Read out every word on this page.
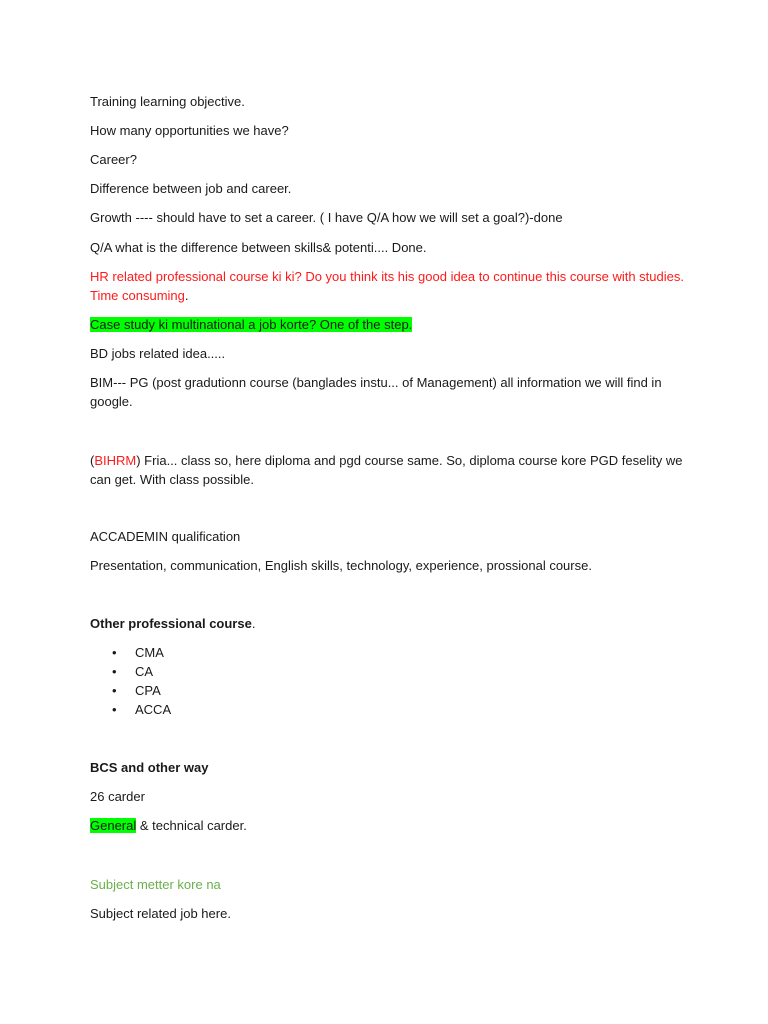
Training learning objective.
How many opportunities we have?
Career?
Difference between job and career.
Growth ---- should have to set a career. ( I have Q/A how we will set a goal?)-done
Q/A what is the difference between skills& potenti.... Done.
HR related professional course ki ki? Do you think its his good idea to continue this course with studies. Time consuming.
Case study ki multinational a job korte? One of the step.
BD jobs related idea.....
BIM--- PG (post gradutionn course (banglades instu... of Management) all information we will find in google.
(BIHRM) Fria... class so, here diploma and pgd course same. So, diploma course kore PGD feselity we can get. With class possible.
ACCADEMIN qualification
Presentation, communication, English skills, technology, experience, prossional course.
Other professional course.
• CMA
• CA
• CPA
• ACCA
BCS and other way
26 carder
General & technical carder.
Subject metter kore na
Subject related job here.
